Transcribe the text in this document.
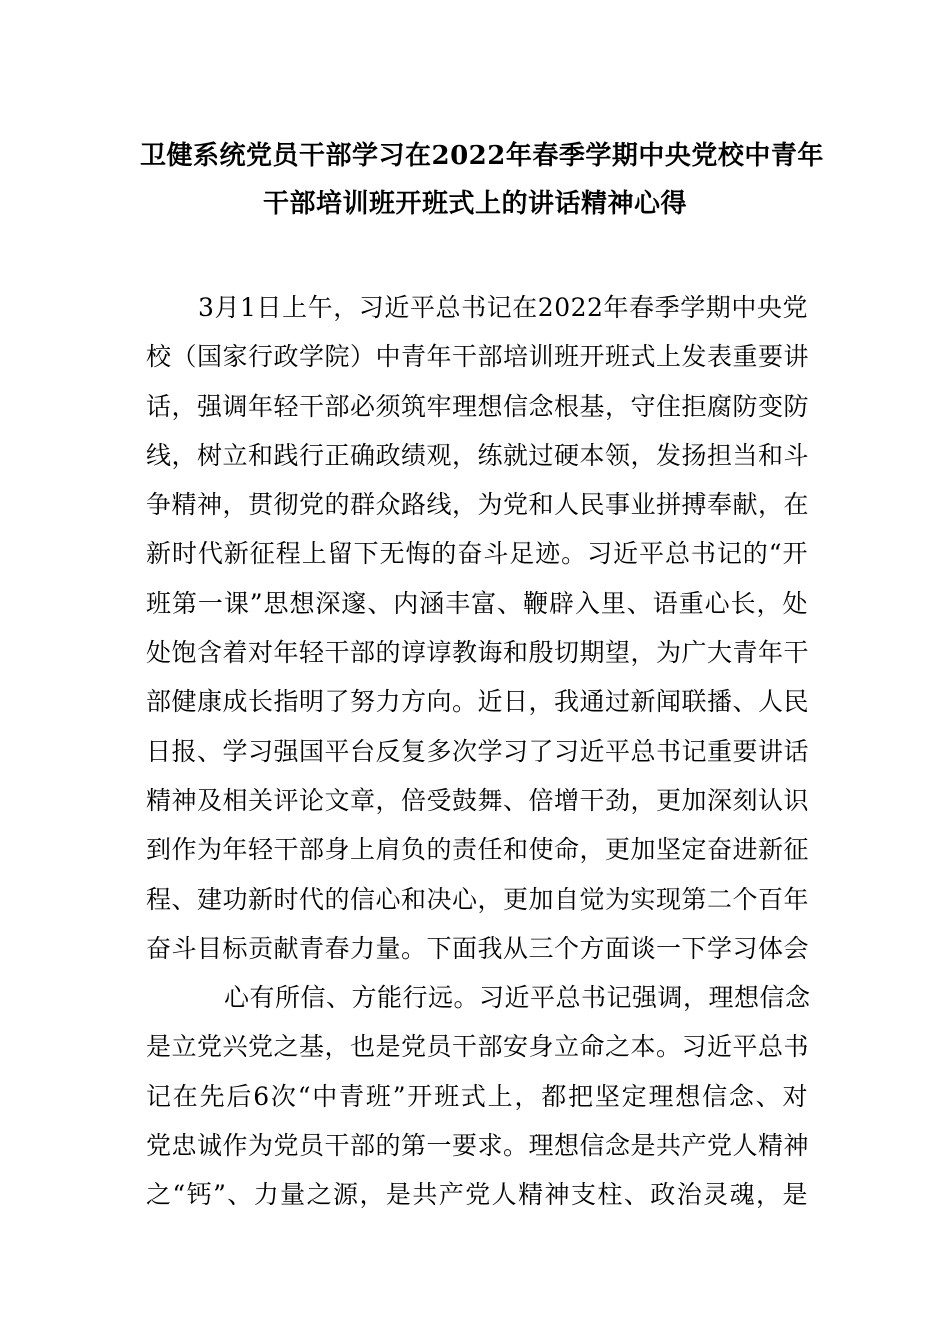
卫健系统党员干部学习在2022年春季学期中央党校中青年
干部培训班开班式上的讲话精神心得
3月1日上午，习近平总书记在2022年春季学期中央党
校（国家行政学院）中青年干部培训班开班式上发表重要讲
话，强调年轻干部必须筑牢理想信念根基，守住拒腐防变防
线，树立和践行正确政绩观，练就过硬本领，发扬担当和斗
争精神，贯彻党的群众路线，为党和人民事业拼搏奉献，在
新时代新征程上留下无悔的奋斗足迹。习近平总书记的“开
班第一课”思想深邃、内涵丰富、鞭辟入里、语重心长，处
处饱含着对年轻干部的谆谆教诲和殷切期望，为广大青年干
部健康成长指明了努力方向。近日，我通过新闻联播、人民
日报、学习强国平台反复多次学习了习近平总书记重要讲话
精神及相关评论文章，倍受鼓舞、倍增干劲，更加深刻认识
到作为年轻干部身上肩负的责任和使命，更加坚定奋进新征
程、建功新时代的信心和决心，更加自觉为实现第二个百年
奋斗目标贡献青春力量。下面我从三个方面谈一下学习体会
心有所信、方能行远。习近平总书记强调，理想信念
是立党兴党之基，也是党员干部安身立命之本。习近平总书
记在先后6次“中青班”开班式上，都把坚定理想信念、对
党忠诚作为党员干部的第一要求。理想信念是共产党人精神
之“钙”、力量之源，是共产党人精神支柱、政治灵魂，是
